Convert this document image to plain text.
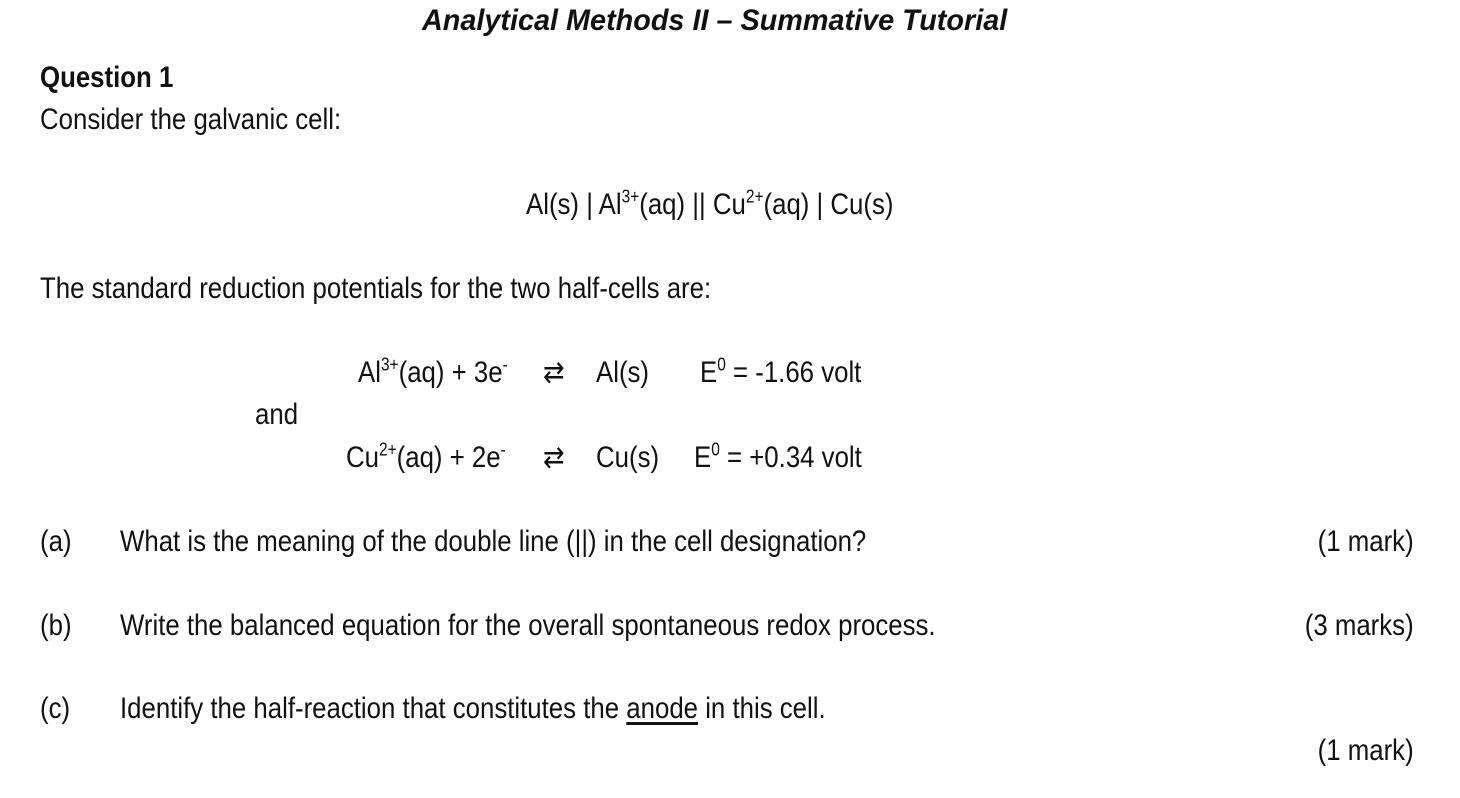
Analytical Methods II – Summative Tutorial
Question 1
Consider the galvanic cell:
Al(s) | $Al^{3+}(aq)$ || $Cu^{2+}(aq)$ | Cu(s)
The standard reduction potentials for the two half-cells are:
$Al^{3+}(aq) + 3e^-$ ⇄ Al(s) $E^0 = -1.66$ volt
and
$Cu^{2+}(aq) + 2e^-$ ⇄ Cu(s) $E^0 = +0.34$ volt
(a) What is the meaning of the double line (||) in the cell designation?	(1 mark)
(b) Write the balanced equation for the overall spontaneous redox process.	(3 marks)
(c) Identify the half-reaction that constitutes the anode in this cell.
(1 mark)
